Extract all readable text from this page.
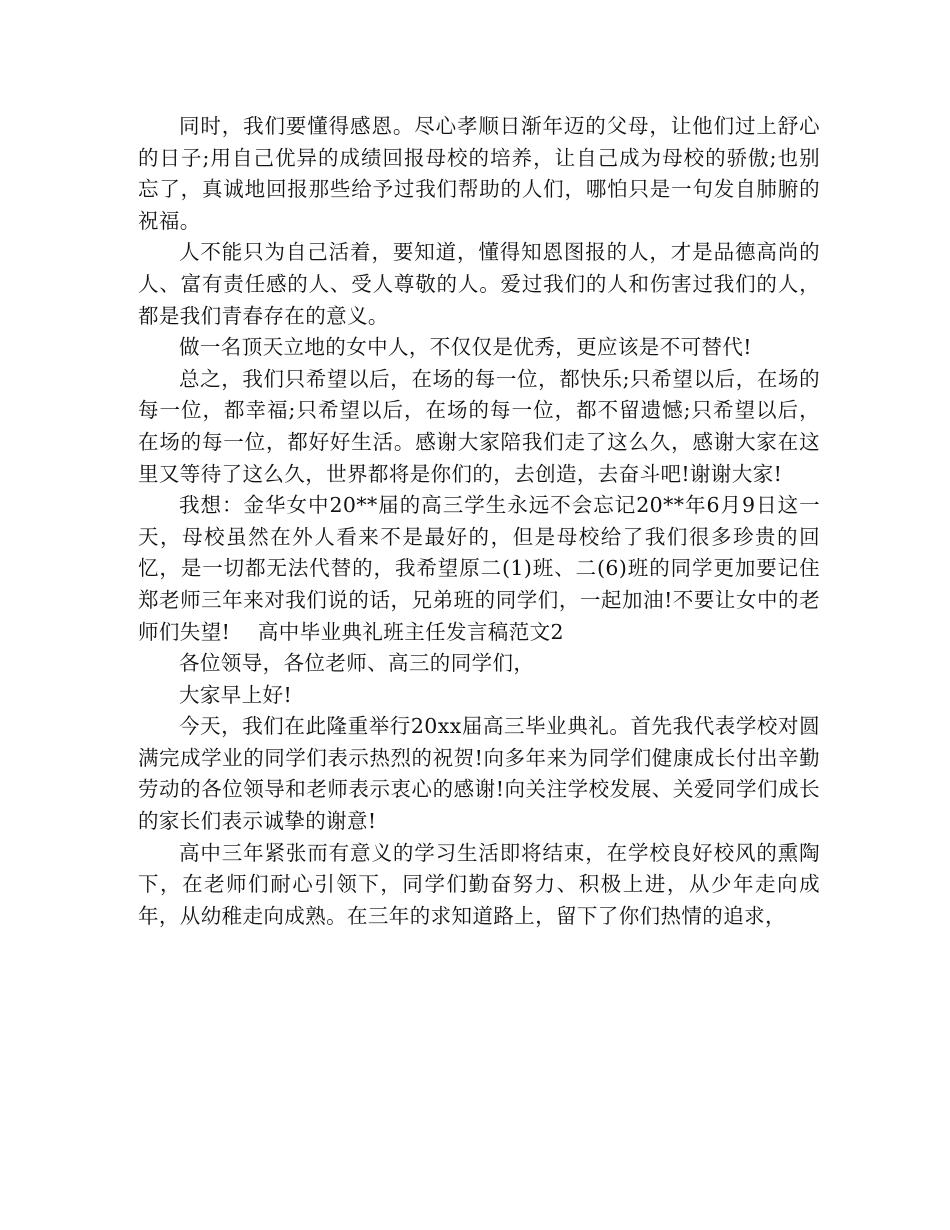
同时，我们要懂得感恩。尽心孝顺日渐年迈的父母，让他们过上舒心的日子;用自己优异的成绩回报母校的培养，让自己成为母校的骄傲;也别忘了，真诚地回报那些给予过我们帮助的人们，哪怕只是一句发自肺腑的祝福。

人不能只为自己活着，要知道，懂得知恩图报的人，才是品德高尚的人、富有责任感的人、受人尊敬的人。爱过我们的人和伤害过我们的人，都是我们青春存在的意义。

做一名顶天立地的女中人，不仅仅是优秀，更应该是不可替代!

总之，我们只希望以后，在场的每一位，都快乐;只希望以后，在场的每一位，都幸福;只希望以后，在场的每一位，都不留遗憾;只希望以后，在场的每一位，都好好生活。感谢大家陪我们走了这么久，感谢大家在这里又等待了这么久，世界都将是你们的，去创造，去奋斗吧!谢谢大家!

我想：金华女中20**届的高三学生永远不会忘记20**年6月9日这一天，母校虽然在外人看来不是最好的，但是母校给了我们很多珍贵的回忆，是一切都无法代替的，我希望原二(1)班、二(6)班的同学更加要记住郑老师三年来对我们说的话，兄弟班的同学们，一起加油!不要让女中的老师们失望!    高中毕业典礼班主任发言稿范文2

各位领导，各位老师、高三的同学们，

大家早上好!

今天，我们在此隆重举行20xx届高三毕业典礼。首先我代表学校对圆满完成学业的同学们表示热烈的祝贺!向多年来为同学们健康成长付出辛勤劳动的各位领导和老师表示衷心的感谢!向关注学校发展、关爱同学们成长的家长们表示诚挚的谢意!

高中三年紧张而有意义的学习生活即将结束，在学校良好校风的熏陶下，在老师们耐心引领下，同学们勤奋努力、积极上进，从少年走向成年，从幼稚走向成熟。在三年的求知道路上，留下了你们热情的追求，
